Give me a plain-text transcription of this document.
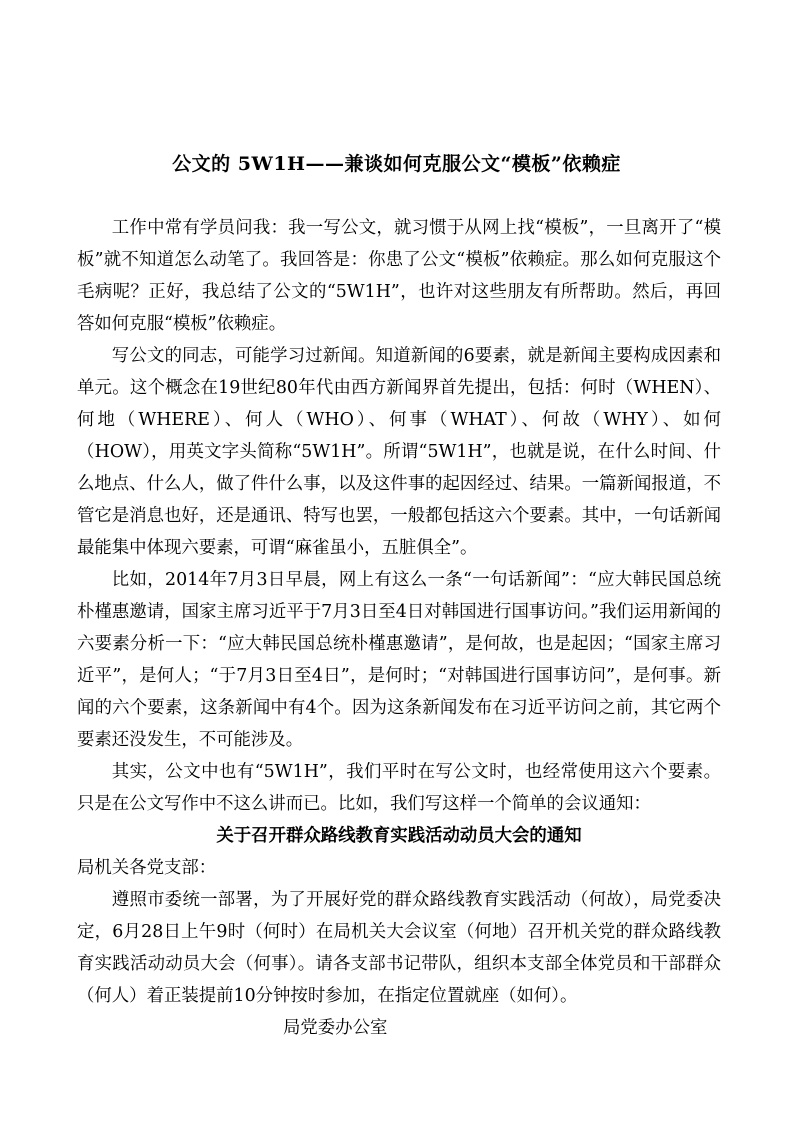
公文的 5W1H——兼谈如何克服公文“模板”依赖症

工作中常有学员问我：我一写公文，就习惯于从网上找“模板”，一旦离开了“模板”就不知道怎么动笔了。我回答是：你患了公文“模板”依赖症。那么如何克服这个毛病呢？正好，我总结了公文的“5W1H”，也许对这些朋友有所帮助。然后，再回答如何克服“模板”依赖症。

写公文的同志，可能学习过新闻。知道新闻的6要素，就是新闻主要构成因素和单元。这个概念在19世纪80年代由西方新闻界首先提出，包括：何时（WHEN）、何地（WHERE）、何人（WHO）、何事（WHAT）、何故（WHY）、如何（HOW），用英文字头简称“5W1H”。所谓“5W1H”，也就是说，在什么时间、什么地点、什么人，做了件什么事，以及这件事的起因经过、结果。一篇新闻报道，不管它是消息也好，还是通讯、特写也罢，一般都包括这六个要素。其中，一句话新闻最能集中体现六要素，可谓“麻雀虽小，五脏俱全”。

比如，2014年7月3日早晨，网上有这么一条“一句话新闻”：“应大韩民国总统朴槿惠邀请，国家主席习近平于7月3日至4日对韩国进行国事访问。”我们运用新闻的六要素分析一下：“应大韩民国总统朴槿惠邀请”，是何故，也是起因；“国家主席习近平”，是何人；“于7月3日至4日”，是何时；“对韩国进行国事访问”，是何事。新闻的六个要素，这条新闻中有4个。因为这条新闻发布在习近平访问之前，其它两个要素还没发生，不可能涉及。

其实，公文中也有“5W1H”，我们平时在写公文时，也经常使用这六个要素。只是在公文写作中不这么讲而已。比如，我们写这样一个简单的会议通知：

关于召开群众路线教育实践活动动员大会的通知

局机关各党支部：

遵照市委统一部署，为了开展好党的群众路线教育实践活动（何故），局党委决定，6月28日上午9时（何时）在局机关大会议室（何地）召开机关党的群众路线教育实践活动动员大会（何事）。请各支部书记带队，组织本支部全体党员和干部群众（何人）着正装提前10分钟按时参加，在指定位置就座（如何）。

局党委办公室
